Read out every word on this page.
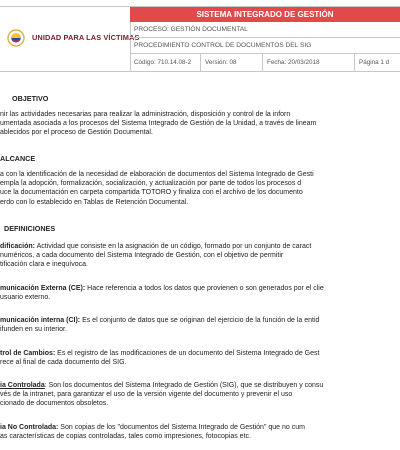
UNIDAD PARA LAS VÍCTIMAS
SISTEMA INTEGRADO DE GESTIÓN
PROCESO: GESTIÓN DOCUMENTAL
PROCEDIMIENTO CONTROL DE DOCUMENTOS DEL SIG
Código: 710.14.08-2	Versión: 08	Fecha: 20/03/2018	Página 1 d
OBJETIVO
nir las actividades necesarias para realizar la administración, disposición y control de la inforn
umentada asociada a los procesos del Sistema Integrado de Gestión de la Unidad, a través de lineam
ablecidos por el proceso de Gestión Documental.
ALCANCE
a con la identificación de la necesidad de elaboración de documentos del Sistema Integrado de Gesti
empla la adopción, formalización, socialización, y actualización por parte de todos los procesos d
uce la documentación en carpeta compartida TOTORO y finaliza con el archivo de los documento
erdo con lo establecido en Tablas de Retención Documental.
DEFINICIONES
dificación: Actividad que consiste en la asignación de un código, formado por un conjunto de caract
numéricos, a cada documento del Sistema Integrado de Gestión, con el objetivo de permitir
tificación clara e inequívoca.
municación Externa (CE): Hace referencia a todos los datos que provienen o son generados por el clie
usuario externo.
municación interna (CI): Es el conjunto de datos que se originan del ejercicio de la función de la entid
ifunden en su interior.
trol de Cambios: Es el registro de las modificaciones de un documento del Sistema Integrado de Gest
rece al final de cada documento del SIG.
ia Controlada: Son los documentos del Sistema Integrado de Gestión (SIG), que se distribuyen y consu
vés de la intranet, para garantizar el uso de la versión vigente del documento y prevenir el uso
cionado de documentos obsoletos.
ia No Controlada: Son copias de los "documentos del Sistema Integrado de Gestión" que no cum
as características de copias controladas, tales como impresiones, fotocopias etc.
